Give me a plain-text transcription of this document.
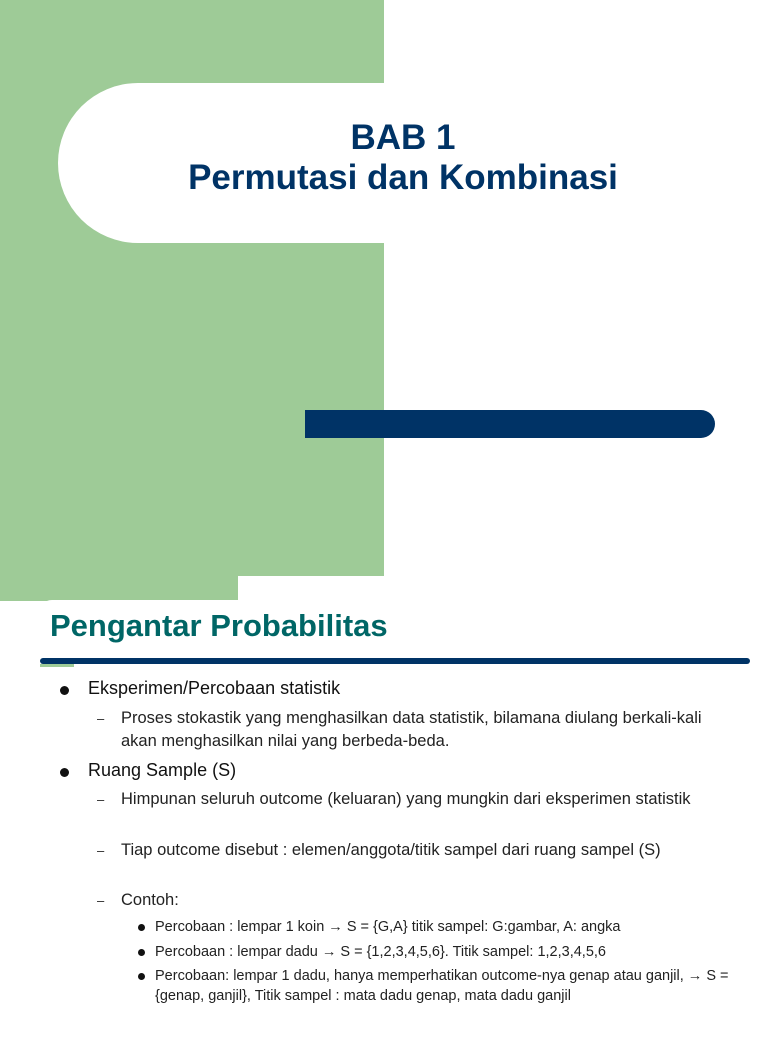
BAB 1
Permutasi dan Kombinasi
Pengantar Probabilitas
Eksperimen/Percobaan statistik
– Proses stokastik yang menghasilkan data statistik, bilamana diulang berkali-kali akan menghasilkan nilai yang berbeda-beda.
Ruang Sample (S)
– Himpunan seluruh outcome (keluaran) yang mungkin dari eksperimen statistik
– Tiap outcome disebut : elemen/anggota/titik sampel dari ruang sampel (S)
– Contoh:
Percobaan : lempar 1 koin → S = {G,A} titik sampel: G:gambar, A: angka
Percobaan : lempar dadu → S = {1,2,3,4,5,6}. Titik sampel: 1,2,3,4,5,6
Percobaan: lempar 1 dadu, hanya memperhatikan outcome-nya genap atau ganjil, → S = {genap, ganjil}, Titik sampel : mata dadu genap, mata dadu ganjil
